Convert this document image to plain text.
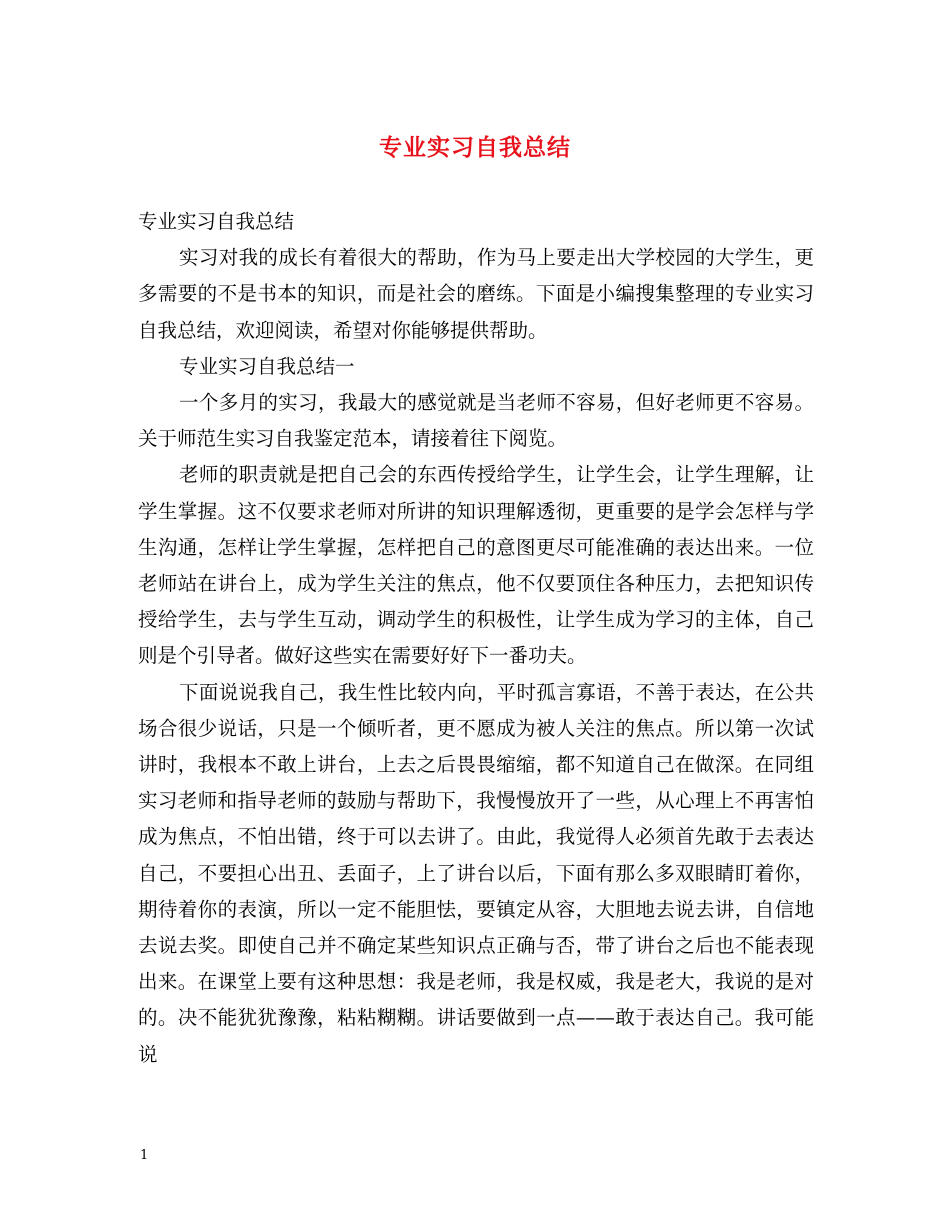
专业实习自我总结

专业实习自我总结

实习对我的成长有着很大的帮助，作为马上要走出大学校园的大学生，更多需要的不是书本的知识，而是社会的磨练。下面是小编搜集整理的专业实习自我总结，欢迎阅读，希望对你能够提供帮助。

专业实习自我总结一

一个多月的实习，我最大的感觉就是当老师不容易，但好老师更不容易。关于师范生实习自我鉴定范本，请接着往下阅览。

老师的职责就是把自己会的东西传授给学生，让学生会，让学生理解，让学生掌握。这不仅要求老师对所讲的知识理解透彻，更重要的是学会怎样与学生沟通，怎样让学生掌握，怎样把自己的意图更尽可能准确的表达出来。一位老师站在讲台上，成为学生关注的焦点，他不仅要顶住各种压力，去把知识传授给学生，去与学生互动，调动学生的积极性，让学生成为学习的主体，自己则是个引导者。做好这些实在需要好好下一番功夫。

下面说说我自己，我生性比较内向，平时孤言寡语，不善于表达，在公共场合很少说话，只是一个倾听者，更不愿成为被人关注的焦点。所以第一次试讲时，我根本不敢上讲台，上去之后畏畏缩缩，都不知道自己在做深。在同组实习老师和指导老师的鼓励与帮助下，我慢慢放开了一些，从心理上不再害怕成为焦点，不怕出错，终于可以去讲了。由此，我觉得人必须首先敢于去表达自己，不要担心出丑、丢面子，上了讲台以后，下面有那么多双眼睛盯着你，期待着你的表演，所以一定不能胆怯，要镇定从容，大胆地去说去讲，自信地去说去奖。即使自己并不确定某些知识点正确与否，带了讲台之后也不能表现出来。在课堂上要有这种思想：我是老师，我是权威，我是老大，我说的是对的。决不能犹犹豫豫，粘粘糊糊。讲话要做到一点——敢于表达自己。我可能说

1
